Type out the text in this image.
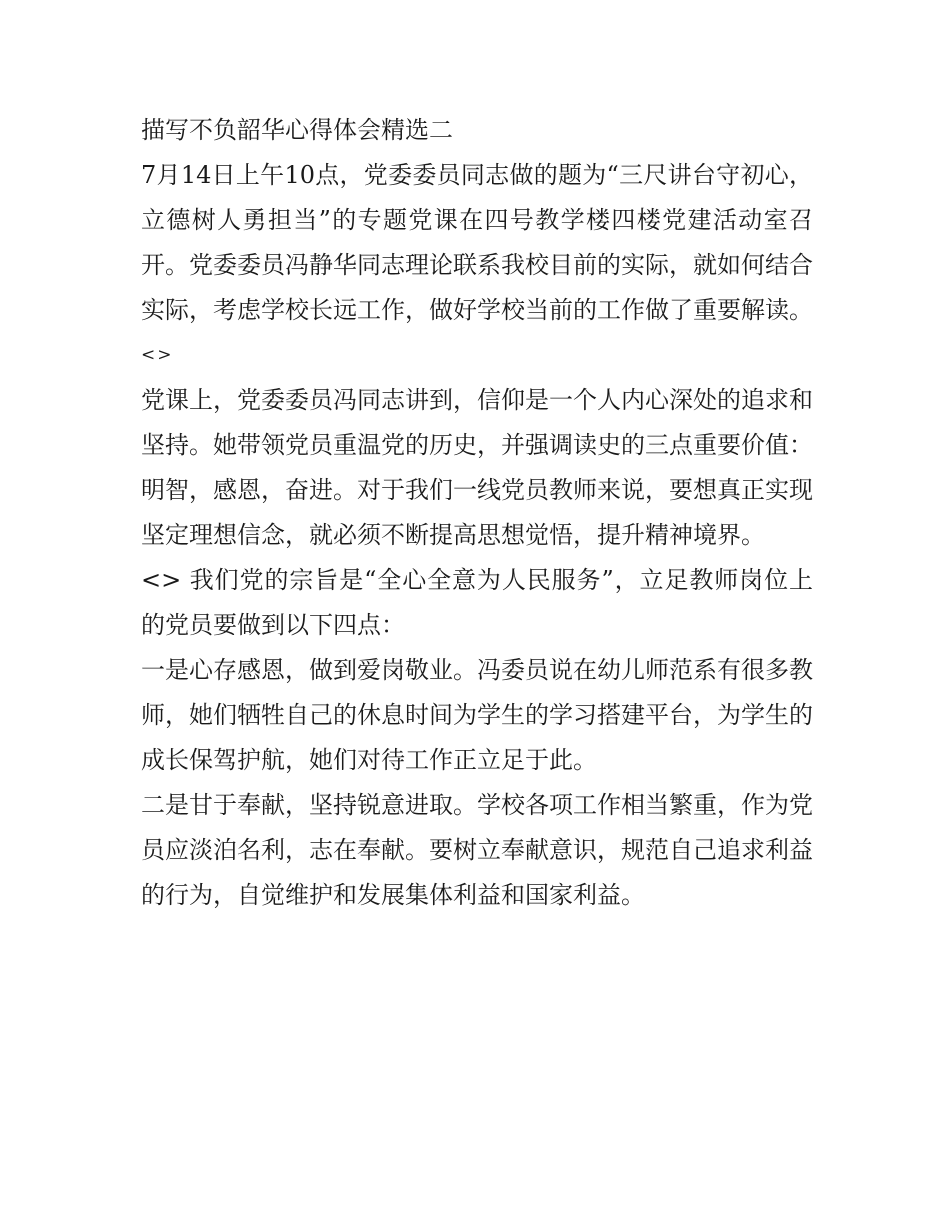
描写不负韶华心得体会精选二

7月14日上午10点，党委委员同志做的题为“三尺讲台守初心，立德树人勇担当”的专题党课在四号教学楼四楼党建活动室召开。党委委员冯静华同志理论联系我校目前的实际，就如何结合实际，考虑学校长远工作，做好学校当前的工作做了重要解读。

<>

党课上，党委委员冯同志讲到，信仰是一个人内心深处的追求和坚持。她带领党员重温党的历史，并强调读史的三点重要价值：明智，感恩，奋进。对于我们一线党员教师来说，要想真正实现坚定理想信念，就必须不断提高思想觉悟，提升精神境界。

<> 我们党的宗旨是“全心全意为人民服务”，立足教师岗位上的党员要做到以下四点：

一是心存感恩，做到爱岗敬业。冯委员说在幼儿师范系有很多教师，她们牺牲自己的休息时间为学生的学习搭建平台，为学生的成长保驾护航，她们对待工作正立足于此。

二是甘于奉献，坚持锐意进取。学校各项工作相当繁重，作为党员应淡泊名利，志在奉献。要树立奉献意识，规范自己追求利益的行为，自觉维护和发展集体利益和国家利益。
